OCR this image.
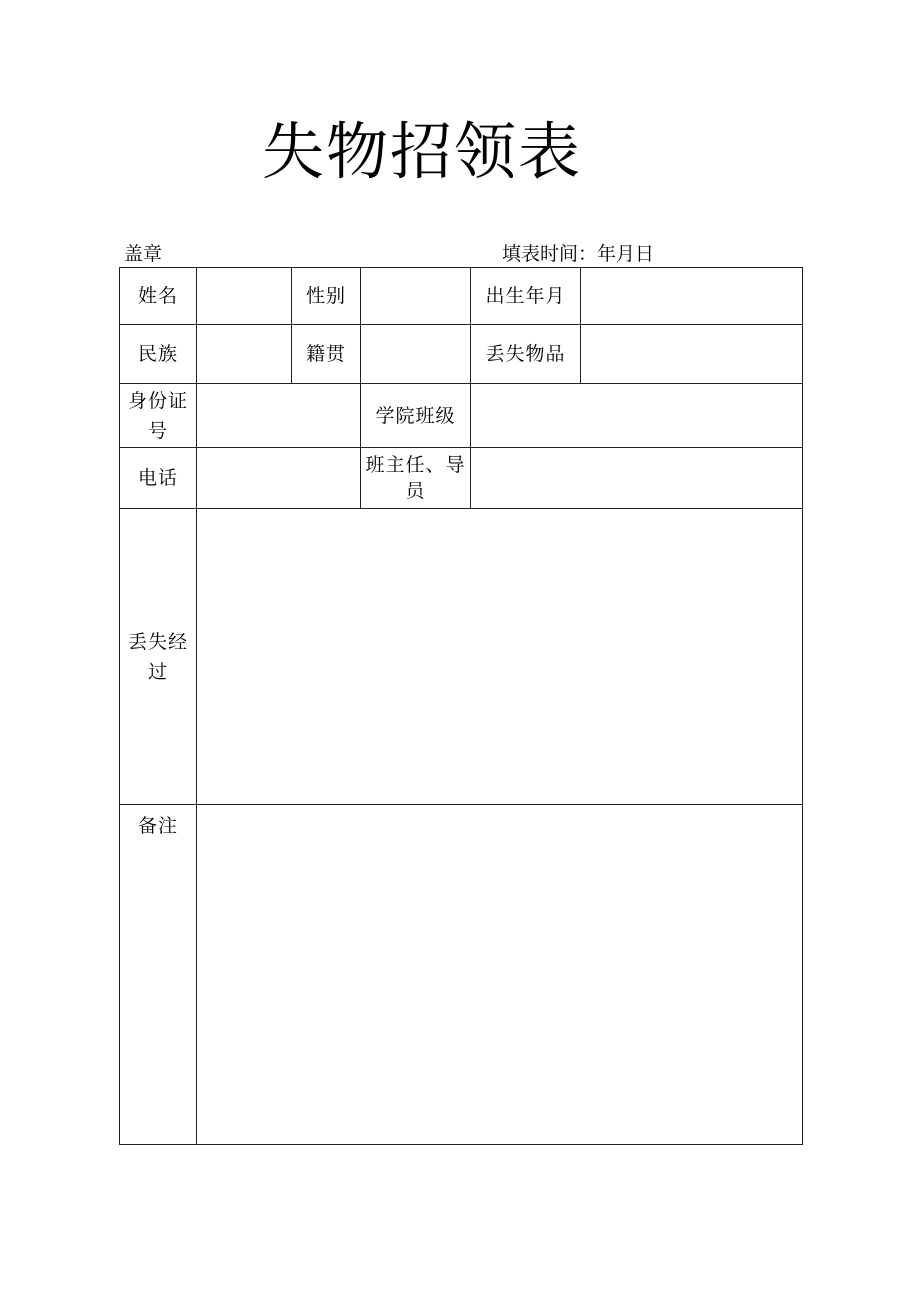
失物招领表
盖章	填表时间：年月日
姓名		性别		出生年月	
民族		籍贯		丢失物品	
身份证号			学院班级		
电话			班主任、导员		
丢失经过					
备注					
